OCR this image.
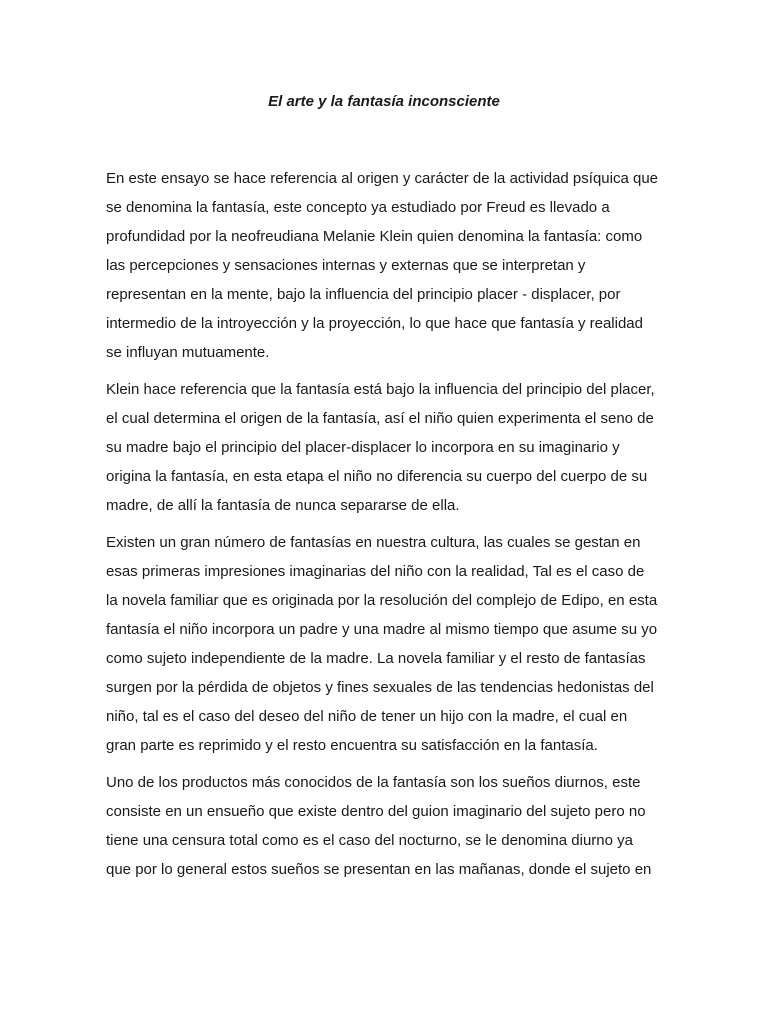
El arte y la fantasía inconsciente

En este ensayo se hace referencia al origen y carácter de la actividad psíquica que
se denomina la fantasía, este concepto ya estudiado por Freud es llevado a
profundidad por la neofreudiana Melanie Klein quien denomina la fantasía: como
las percepciones y sensaciones internas y externas que se interpretan y
representan en la mente, bajo la influencia del principio placer - displacer, por
intermedio de la introyección y la proyección, lo que hace que fantasía y realidad
se influyan mutuamente.

Klein hace referencia que la fantasía está bajo la influencia del principio del placer,
el cual determina el origen de la fantasía, así el niño quien experimenta el seno de
su madre bajo el principio del placer-displacer lo incorpora en su imaginario y
origina la fantasía, en esta etapa el niño no diferencia su cuerpo del cuerpo de su
madre, de allí la fantasía de nunca separarse de ella.

Existen un gran número de fantasías en nuestra cultura, las cuales se gestan en
esas primeras impresiones imaginarias del niño con la realidad, Tal es el caso de
la novela familiar que es originada por la resolución del complejo de Edipo, en esta
fantasía el niño incorpora un padre y una madre al mismo tiempo que asume su yo
como sujeto independiente de la madre. La novela familiar y el resto de fantasías
surgen por la pérdida de objetos y fines sexuales de las tendencias hedonistas del
niño, tal es el caso del deseo del niño de tener un hijo con la madre, el cual en
gran parte es reprimido y el resto encuentra su satisfacción en la fantasía.

Uno de los productos más conocidos de la fantasía son los sueños diurnos, este
consiste en un ensueño que existe dentro del guion imaginario del sujeto pero no
tiene una censura total como es el caso del nocturno, se le denomina diurno ya
que por lo general estos sueños se presentan en las mañanas, donde el sujeto en
